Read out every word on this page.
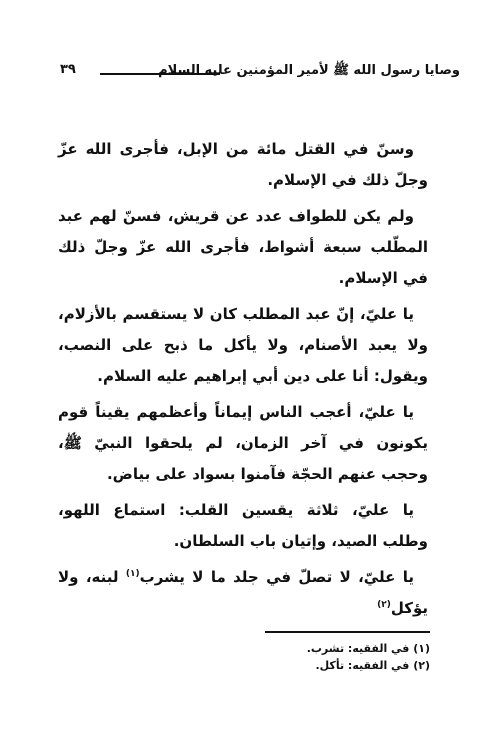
وصايا رسول الله ﷺ لأمير المؤمنين عليه السلام
٣٩

وسنّ في القتل مائة من الإبل، فأجرى الله عزّ وجلّ ذلك في الإسلام.

ولم يكن للطواف عدد عن قريش، فسنّ لهم عبد المطّلب سبعة أشواط، فأجرى الله عزّ وجلّ ذلك في الإسلام.

يا عليّ، إنّ عبد المطلب كان لا يستقسم بالأزلام، ولا يعبد الأصنام، ولا يأكل ما ذبح على النصب، ويقول: أنا على دين أبي إبراهيم عليه السلام.

يا عليّ، أعجب الناس إيماناً وأعظمهم يقيناً قوم يكونون في آخر الزمان، لم يلحقوا النبيّ ﷺ، وحجب عنهم الحجّة فآمنوا بسواد على بياض.

يا عليّ، ثلاثة يقسين القلب: استماع اللهو، وطلب الصيد، وإتيان باب السلطان.

يا عليّ، لا تصلّ في جلد ما لا يشرب$^{(١)}$ لبنه، ولا يؤكل$^{(٢)}$

(١) في الفقيه: تشرب.
(٢) في الفقيه: تأكل.
